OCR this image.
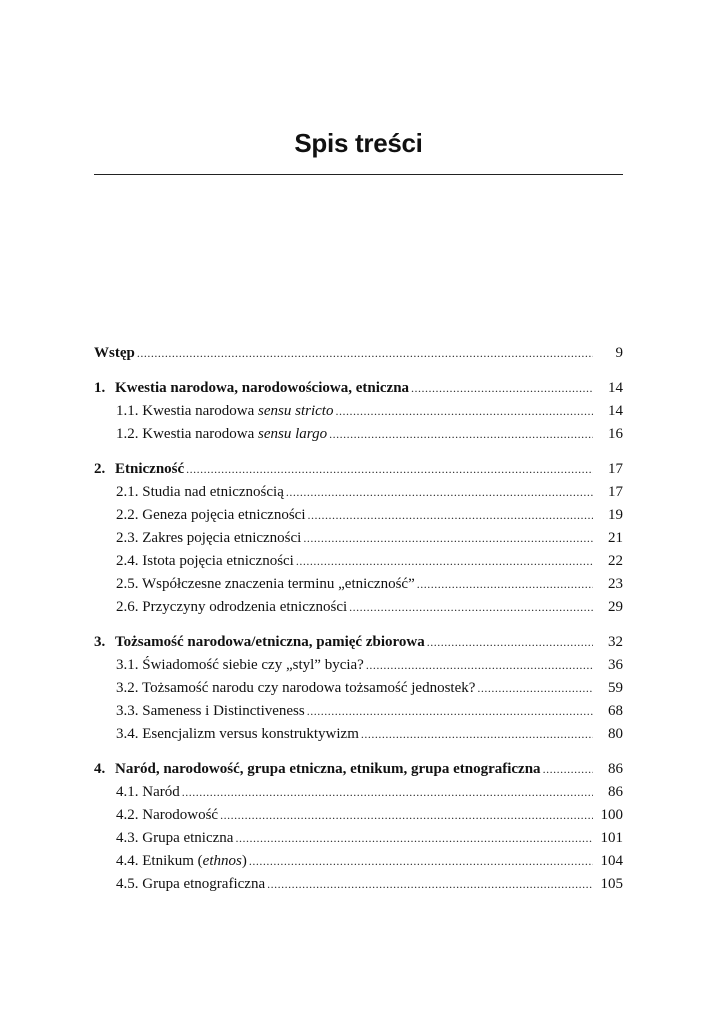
Spis treści
Wstęp .....	9
1. Kwestia narodowa, narodowościowa, etniczna .....	14
1.1. Kwestia narodowa sensu stricto .....	14
1.2. Kwestia narodowa sensu largo .....	16
2. Etniczność .....	17
2.1. Studia nad etnicznością .....	17
2.2. Geneza pojęcia etniczności .....	19
2.3. Zakres pojęcia etniczności .....	21
2.4. Istota pojęcia etniczności .....	22
2.5. Współczesne znaczenia terminu „etniczność” .....	23
2.6. Przyczyny odrodzenia etniczności .....	29
3. Tożsamość narodowa/etniczna, pamięć zbiorowa .....	32
3.1. Świadomość siebie czy „styl” bycia? .....	36
3.2. Tożsamość narodu czy narodowa tożsamość jednostek? .....	59
3.3. Sameness i Distinctiveness .....	68
3.4. Esencjalizm versus konstruktywizm .....	80
4. Naród, narodowość, grupa etniczna, etnikum, grupa etnograficzna .....	86
4.1. Naród .....	86
4.2. Narodowość .....	100
4.3. Grupa etniczna .....	101
4.4. Etnikum (ethnos) .....	104
4.5. Grupa etnograficzna .....	105
